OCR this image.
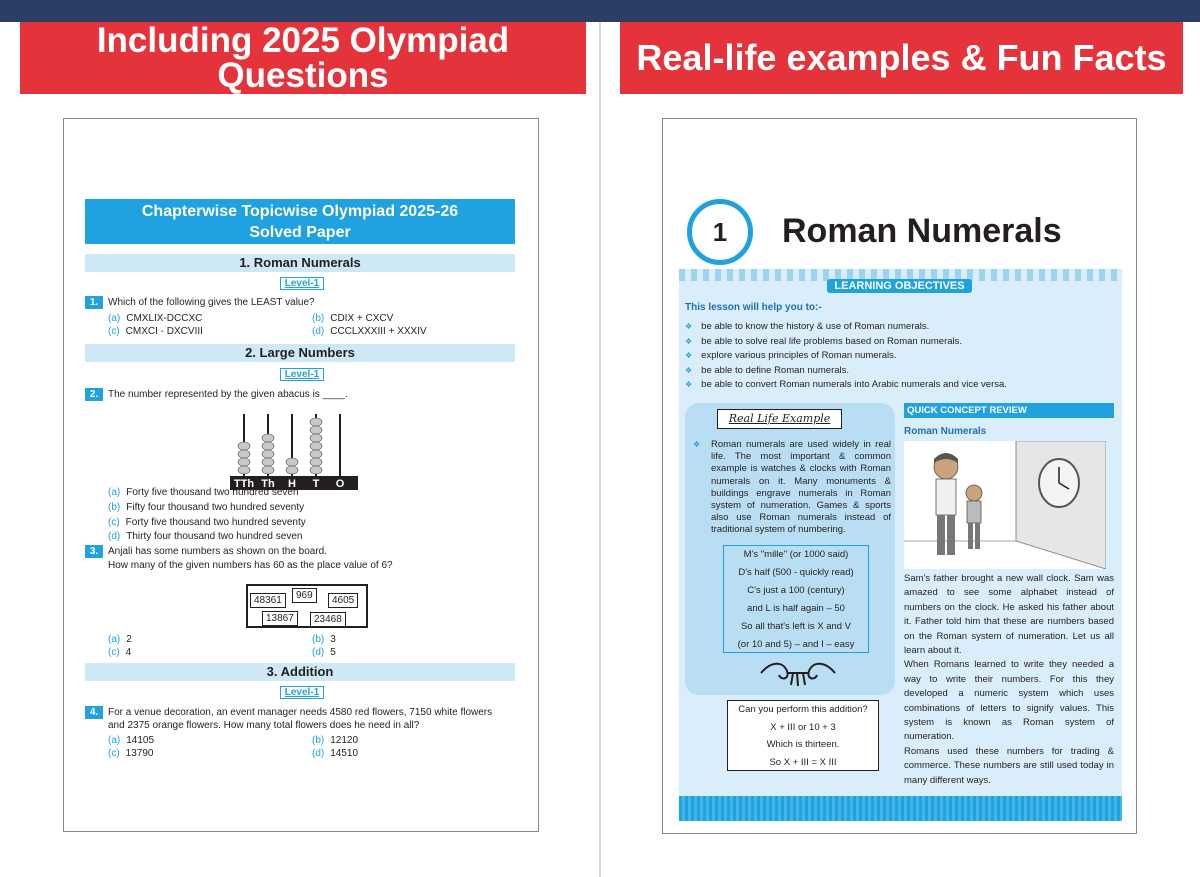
Including 2025 Olympiad
Questions	Real-life examples & Fun Facts
Chapterwise Topicwise Olympiad 2025-26
Solved Paper
1. Roman Numerals
Level-1
1. Which of the following gives the LEAST value?
(a) CMXLIX-DCCXC	(b) CDIX + CXCV
(c) CMXCI - DXCVIII	(d) CCCLXXXIII + XXXIV
2. Large Numbers
Level-1
2. The number represented by the given abacus is ____.
TTh Th H T O
(a) Forty five thousand two hundred seven
(b) Fifty four thousand two hundred seventy
(c) Forty five thousand two hundred seventy
(d) Thirty four thousand two hundred seven
3. Anjali has some numbers as shown on the board.
How many of the given numbers has 60 as the place value of 6?
48361	969	4605
13867	23468
(a) 2	(b) 3
(c) 4	(d) 5
3. Addition
Level-1
4. For a venue decoration, an event manager needs 4580 red flowers, 7150 white flowers
and 2375 orange flowers. How many total flowers does he need in all?
(a) 14105	(b) 12120
(c) 13790	(d) 14510
1	Roman Numerals
LEARNING OBJECTIVES
This lesson will help you to:-
❖ be able to know the history & use of Roman numerals.
❖ be able to solve real life problems based on Roman numerals.
❖ explore various principles of Roman numerals.
❖ be able to define Roman numerals.
❖ be able to convert Roman numerals into Arabic numerals and vice versa.
Real Life Example
❖ Roman numerals are used widely in real life. The most important & common example is watches & clocks with Roman numerals on it. Many monuments & buildings engrave numerals in Roman system of numeration. Games & sports also use Roman numerals instead of traditional system of numbering.
M's "mille" (or 1000 said)
D's half (500 - quickly read)
C's just a 100 (century)
and L is half again – 50
So all that's left is X and V
(or 10 and 5) – and I – easy
Can you perform this addition?
X + III or 10 + 3
Which is thirteen.
So X + III = X III
QUICK CONCEPT REVIEW
Roman Numerals

Sam's father brought a new wall clock. Sam was amazed to see some alphabet instead of numbers on the clock. He asked his father about it. Father told him that these are numbers based on the Roman system of numeration. Let us all learn about it.

When Romans learned to write they needed a way to write their numbers. For this they developed a numeric system which uses combinations of letters to signify values. This system is known as Roman system of numeration.

Romans used these numbers for trading & commerce. These numbers are still used today in many different ways.
